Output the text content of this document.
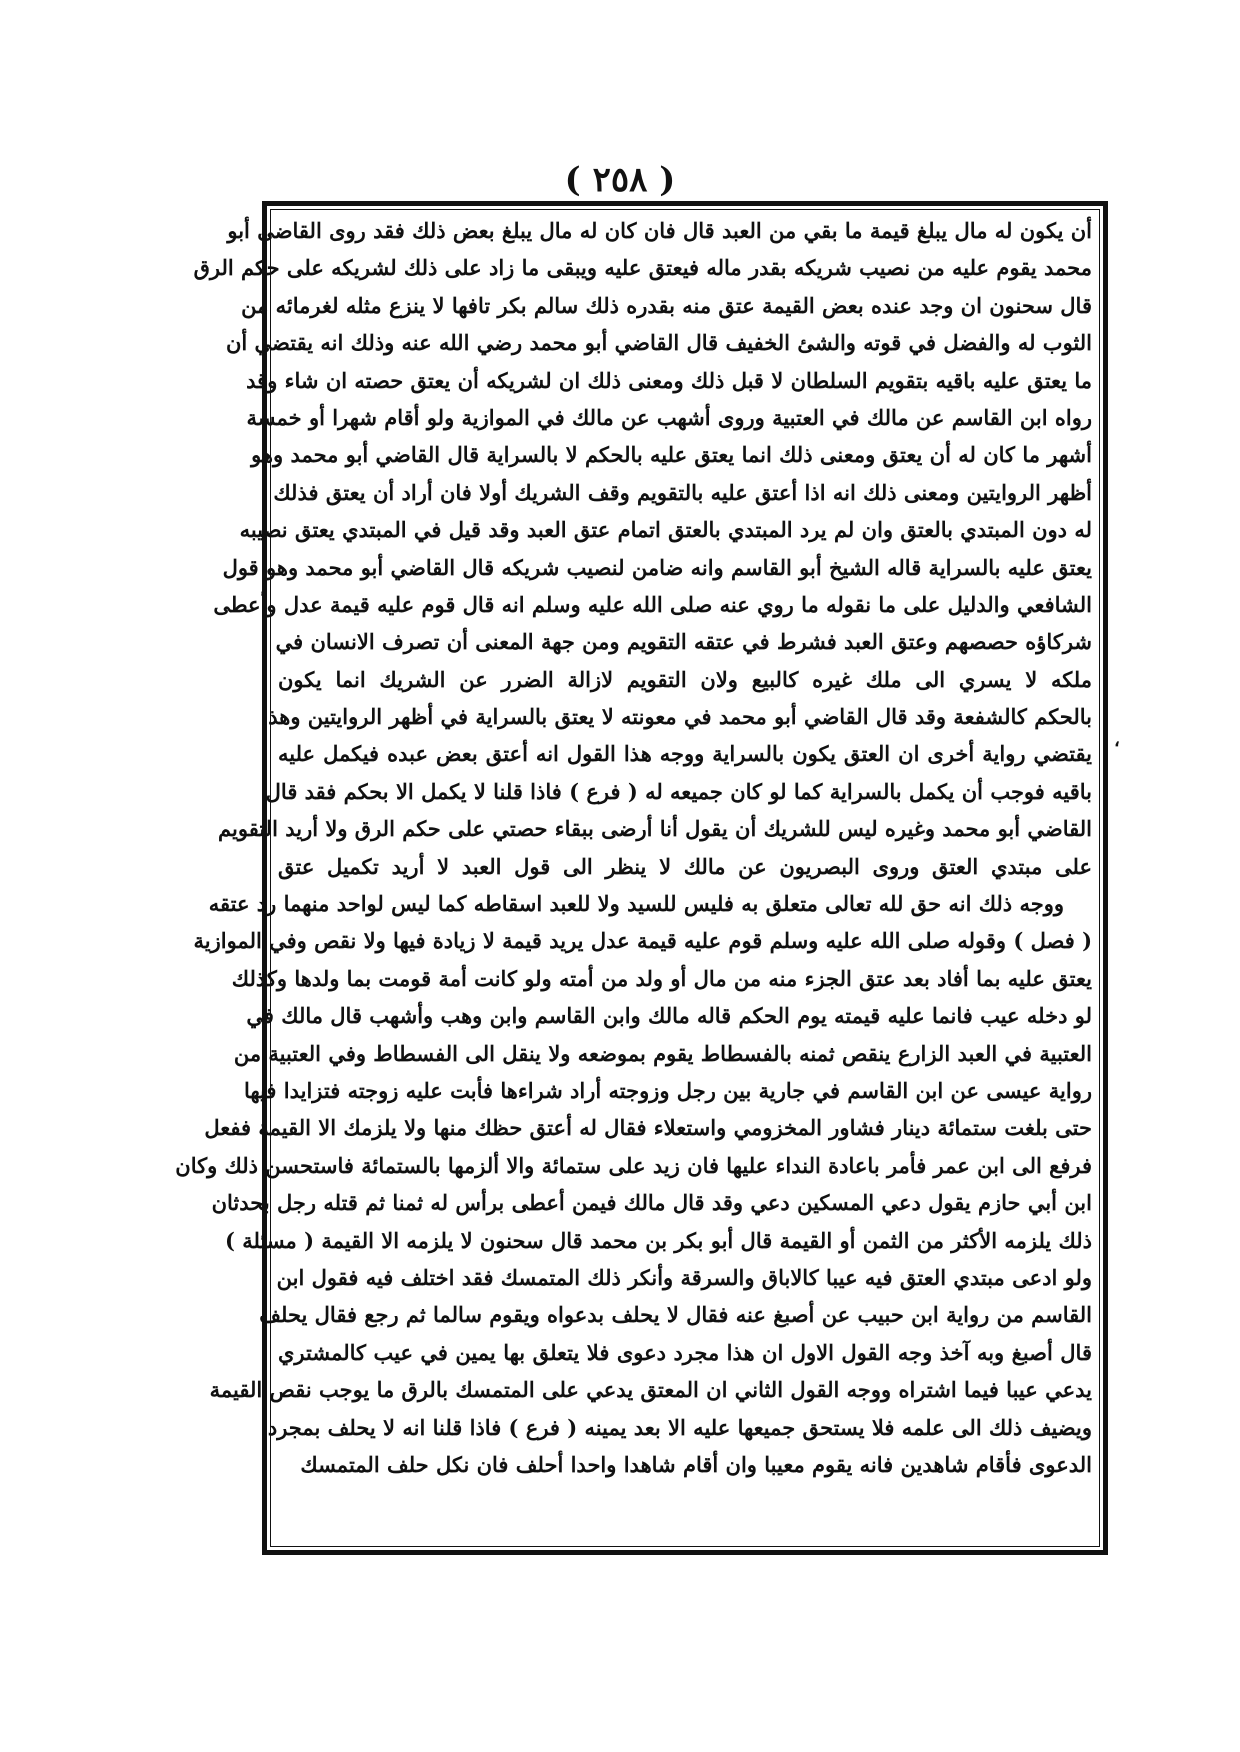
( ٢٥٨ )
،
أن يكون له مال يبلغ قيمة ما بقي من العبد قال فان كان له مال يبلغ بعض ذلك فقد روى القاضي أبو
محمد يقوم عليه من نصيب شريكه بقدر ماله فيعتق عليه ويبقى ما زاد على ذلك لشريكه على حكم الرق
قال سحنون ان وجد عنده بعض القيمة عتق منه بقدره ذلك سالم بكر تافها لا ينزع مثله لغرمائه من
الثوب له والفضل في قوته والشئ الخفيف قال القاضي أبو محمد رضي الله عنه وذلك انه يقتضي أن
ما يعتق عليه باقيه بتقويم السلطان لا قبل ذلك ومعنى ذلك ان لشريكه أن يعتق حصته ان شاء وقد
رواه ابن القاسم عن مالك في العتبية وروى أشهب عن مالك في الموازية ولو أقام شهرا أو خمسة
أشهر ما كان له أن يعتق ومعنى ذلك انما يعتق عليه بالحكم لا بالسراية قال القاضي أبو محمد وهو
أظهر الروايتين ومعنى ذلك انه اذا أعتق عليه بالتقويم وقف الشريك أولا فان أراد أن يعتق فذلك
له دون المبتدي بالعتق وان لم يرد المبتدي بالعتق اتمام عتق العبد وقد قيل في المبتدي يعتق نصيبه
يعتق عليه بالسراية قاله الشيخ أبو القاسم وانه ضامن لنصيب شريكه قال القاضي أبو محمد وهو قول
الشافعي والدليل على ما نقوله ما روي عنه صلى الله عليه وسلم انه قال قوم عليه قيمة عدل وأعطى
شركاؤه حصصهم وعتق العبد فشرط في عتقه التقويم ومن جهة المعنى أن تصرف الانسان في
ملكه لا يسري الى ملك غيره كالبيع ولان التقويم لازالة الضرر عن الشريك انما يكون
بالحكم كالشفعة وقد قال القاضي أبو محمد في معونته لا يعتق بالسراية في أظهر الروايتين وهذا
يقتضي رواية أخرى ان العتق يكون بالسراية ووجه هذا القول انه أعتق بعض عبده فيكمل عليه
باقيه فوجب أن يكمل بالسراية كما لو كان جميعه له ( فرع ) فاذا قلنا لا يكمل الا بحكم فقد قال
القاضي أبو محمد وغيره ليس للشريك أن يقول أنا أرضى ببقاء حصتي على حكم الرق ولا أريد التقويم
على مبتدي العتق وروى البصريون عن مالك لا ينظر الى قول العبد لا أريد تكميل عتق
ووجه ذلك انه حق لله تعالى متعلق به فليس للسيد ولا للعبد اسقاطه كما ليس لواحد منهما رد عتقه
( فصل ) وقوله صلى الله عليه وسلم قوم عليه قيمة عدل يريد قيمة لا زيادة فيها ولا نقص وفي الموازية
يعتق عليه بما أفاد بعد عتق الجزء منه من مال أو ولد من أمته ولو كانت أمة قومت بما ولدها وكذلك
لو دخله عيب فانما عليه قيمته يوم الحكم قاله مالك وابن القاسم وابن وهب وأشهب قال مالك في
العتبية في العبد الزارع ينقص ثمنه بالفسطاط يقوم بموضعه ولا ينقل الى الفسطاط وفي العتبية من
رواية عيسى عن ابن القاسم في جارية بين رجل وزوجته أراد شراءها فأبت عليه زوجته فتزايدا فيها
حتى بلغت ستمائة دينار فشاور المخزومي واستعلاء فقال له أعتق حظك منها ولا يلزمك الا القيمة ففعل
فرفع الى ابن عمر فأمر باعادة النداء عليها فان زيد على ستمائة والا ألزمها بالستمائة فاستحسن ذلك وكان
ابن أبي حازم يقول دعي المسكين دعي وقد قال مالك فيمن أعطى برأس له ثمنا ثم قتله رجل بحدثان
ذلك يلزمه الأكثر من الثمن أو القيمة قال أبو بكر بن محمد قال سحنون لا يلزمه الا القيمة ( مسئلة )
ولو ادعى مبتدي العتق فيه عيبا كالاباق والسرقة وأنكر ذلك المتمسك فقد اختلف فيه فقول ابن
القاسم من رواية ابن حبيب عن أصبغ عنه فقال لا يحلف بدعواه ويقوم سالما ثم رجع فقال يحلف
قال أصبغ وبه آخذ وجه القول الاول ان هذا مجرد دعوى فلا يتعلق بها يمين في عيب كالمشتري
يدعي عيبا فيما اشتراه ووجه القول الثاني ان المعتق يدعي على المتمسك بالرق ما يوجب نقص القيمة
ويضيف ذلك الى علمه فلا يستحق جميعها عليه الا بعد يمينه ( فرع ) فاذا قلنا انه لا يحلف بمجرد
الدعوى فأقام شاهدين فانه يقوم معيبا وان أقام شاهدا واحدا أحلف فان نكل حلف المتمسك
